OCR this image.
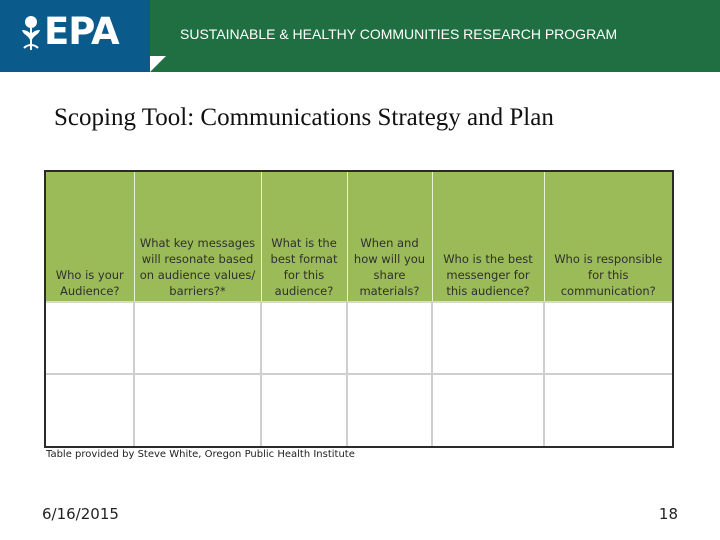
EPA	SUSTAINABLE & HEALTHY COMMUNITIES RESEARCH PROGRAM
Scoping Tool: Communications Strategy and Plan
Who is your Audience?	What key messages will resonate based on audience values/ barriers?*	What is the best format for this audience?	When and how will you share materials?	Who is the best messenger for this audience?	Who is responsible for this communication?

Table provided by Steve White, Oregon Public Health Institute
6/16/2015	18
